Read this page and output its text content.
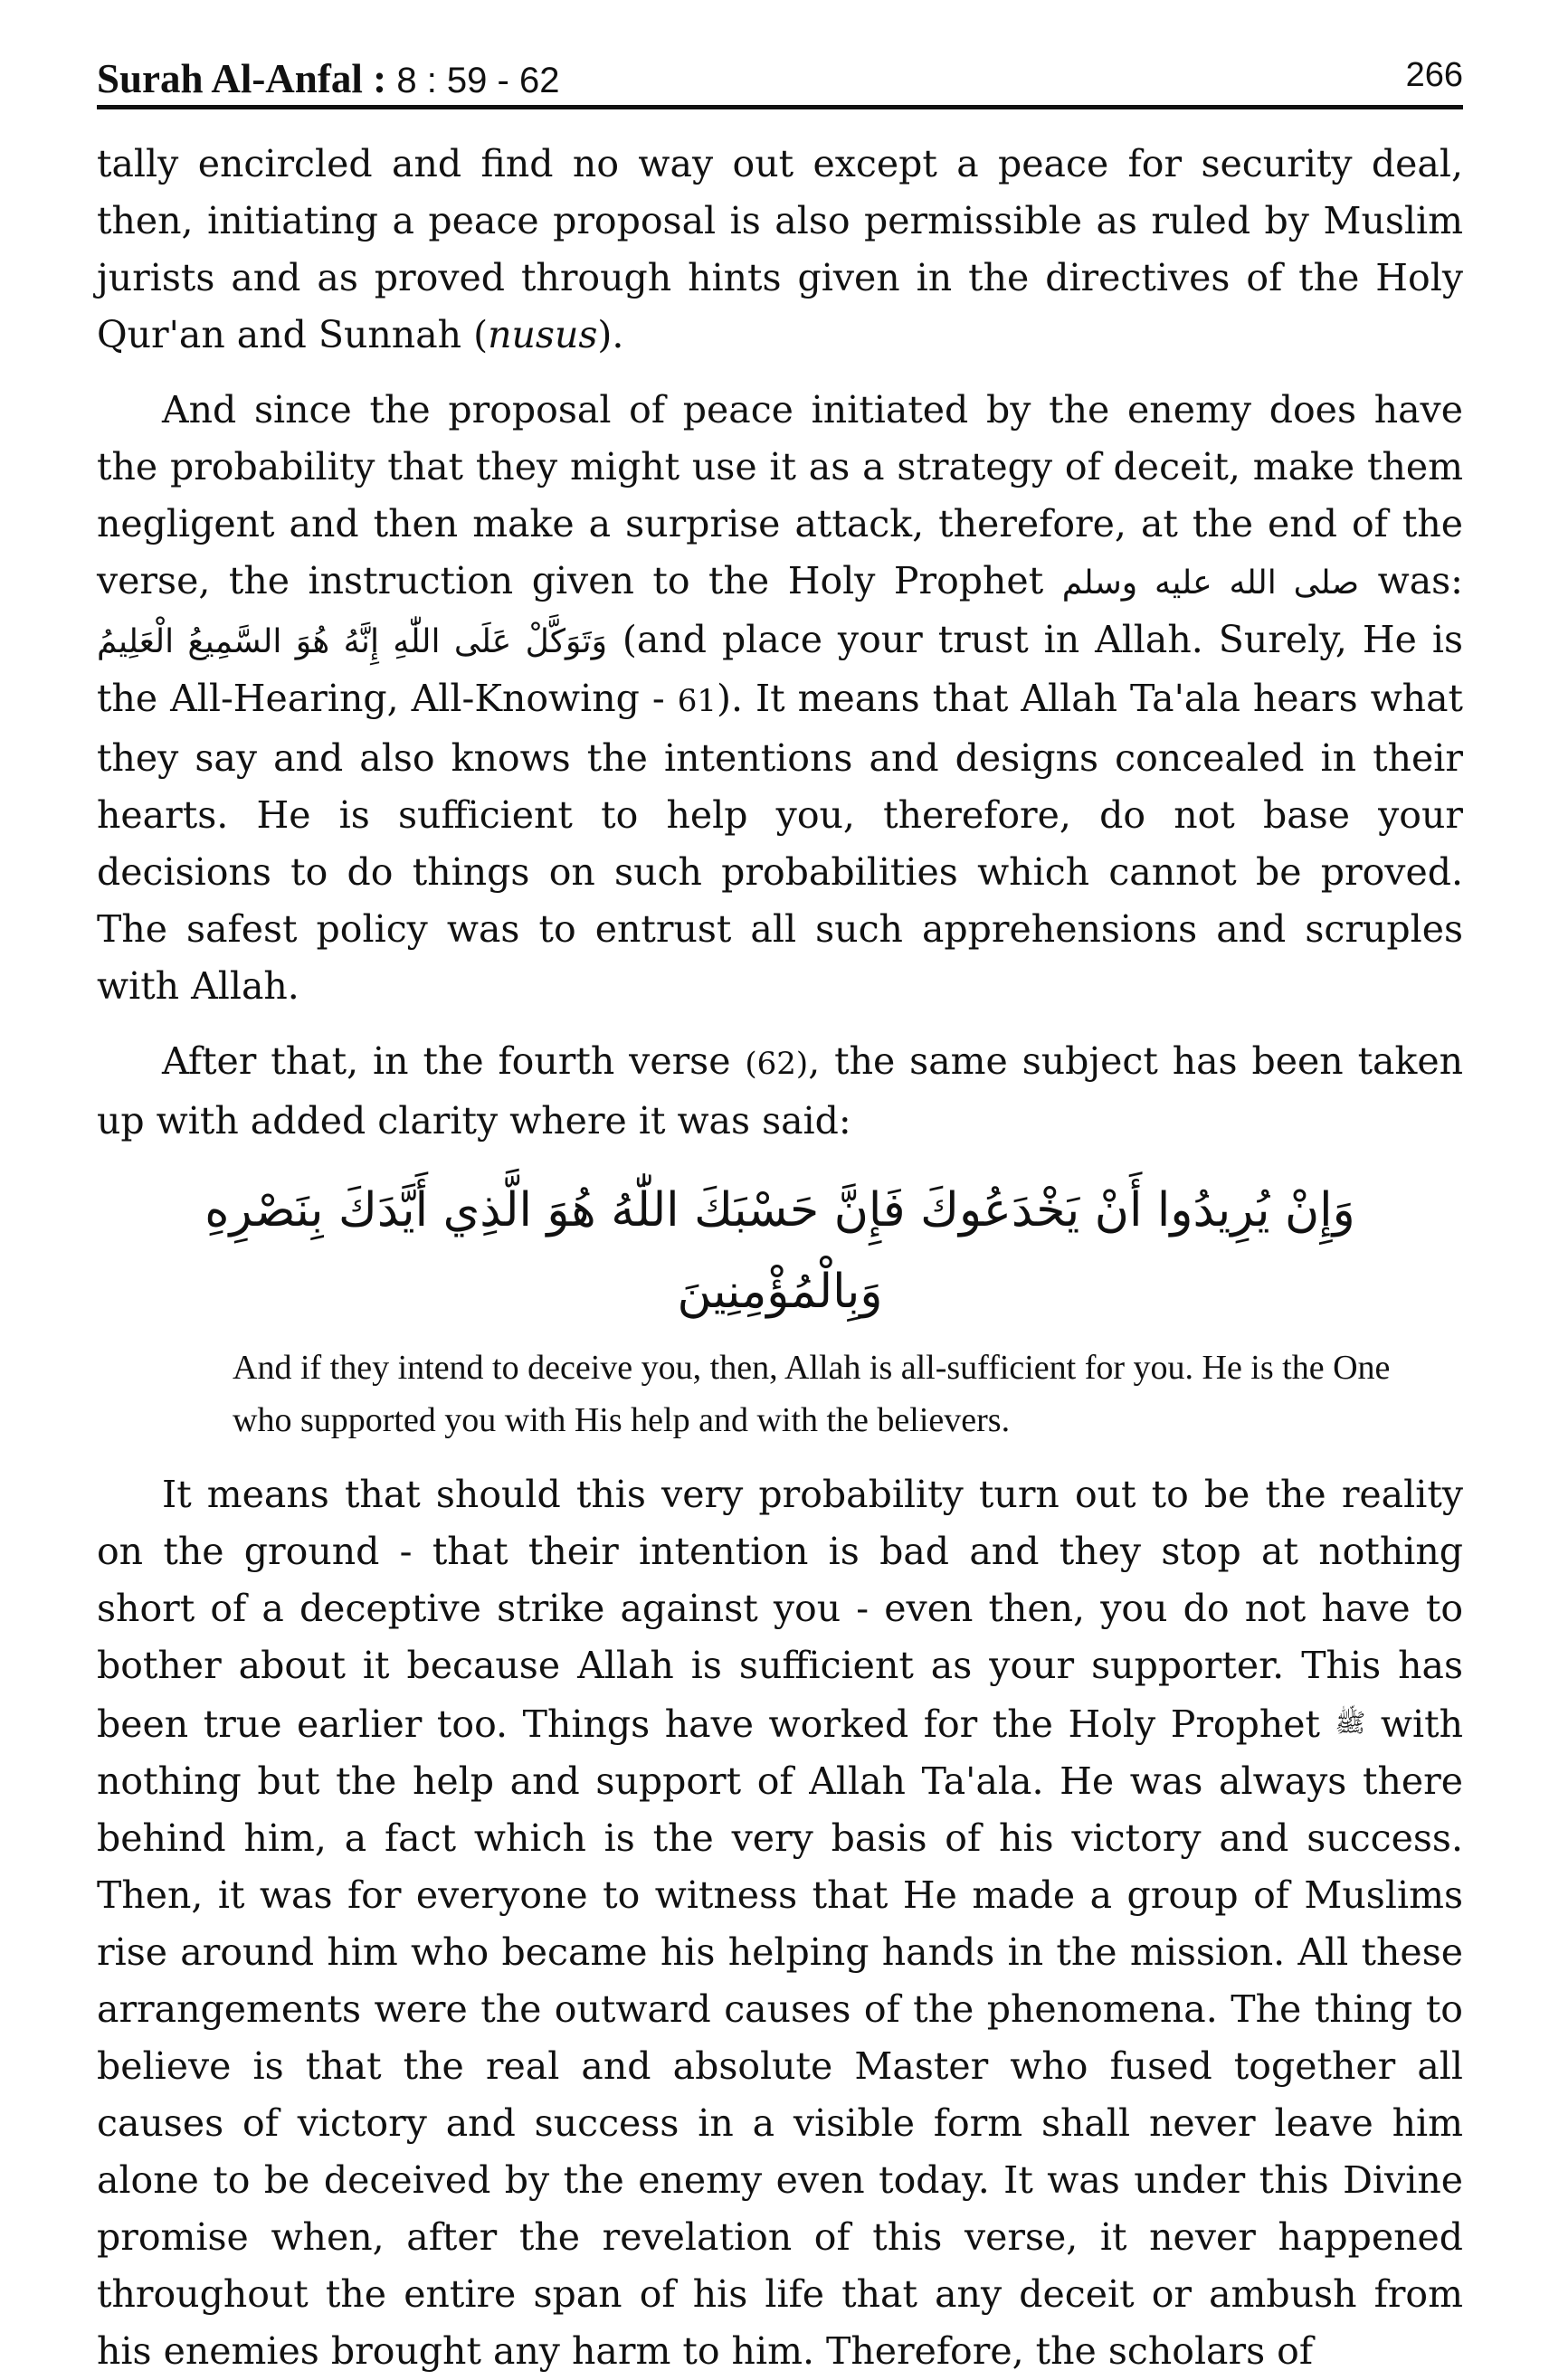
Surah Al-Anfal : 8 : 59 - 62	266

tally encircled and find no way out except a peace for security deal, then, initiating a peace proposal is also permissible as ruled by Muslim jurists and as proved through hints given in the directives of the Holy Qur'an and Sunnah (nusus).

And since the proposal of peace initiated by the enemy does have the probability that they might use it as a strategy of deceit, make them negligent and then make a surprise attack, therefore, at the end of the verse, the instruction given to the Holy Prophet صلى الله عليه وسلم was: وَتَوَكَّلْ عَلَى اللّٰهِ إِنَّهُ هُوَ السَّمِيعُ الْعَلِيمُ (and place your trust in Allah. Surely, He is the All-Hearing, All-Knowing - 61). It means that Allah Ta'ala hears what they say and also knows the intentions and designs concealed in their hearts. He is sufficient to help you, therefore, do not base your decisions to do things on such probabilities which cannot be proved. The safest policy was to entrust all such apprehensions and scruples with Allah.

After that, in the fourth verse (62), the same subject has been taken up with added clarity where it was said:

وَإِنْ يُرِيدُوا أَنْ يَخْدَعُوكَ فَإِنَّ حَسْبَكَ اللّٰهُ هُوَ الَّذِي أَيَّدَكَ بِنَصْرِهِ وَبِالْمُؤْمِنِينَ

And if they intend to deceive you, then, Allah is all-sufficient for you. He is the One who supported you with His help and with the believers.

It means that should this very probability turn out to be the reality on the ground - that their intention is bad and they stop at nothing short of a deceptive strike against you - even then, you do not have to bother about it because Allah is sufficient as your supporter. This has been true earlier too. Things have worked for the Holy Prophet ﷺ with nothing but the help and support of Allah Ta'ala. He was always there behind him, a fact which is the very basis of his victory and success. Then, it was for everyone to witness that He made a group of Muslims rise around him who became his helping hands in the mission. All these arrangements were the outward causes of the phenomena. The thing to believe is that the real and absolute Master who fused together all causes of victory and success in a visible form shall never leave him alone to be deceived by the enemy even today. It was under this Divine promise when, after the revelation of this verse, it never happened throughout the entire span of his life that any deceit or ambush from his enemies brought any harm to him. Therefore, the scholars of
